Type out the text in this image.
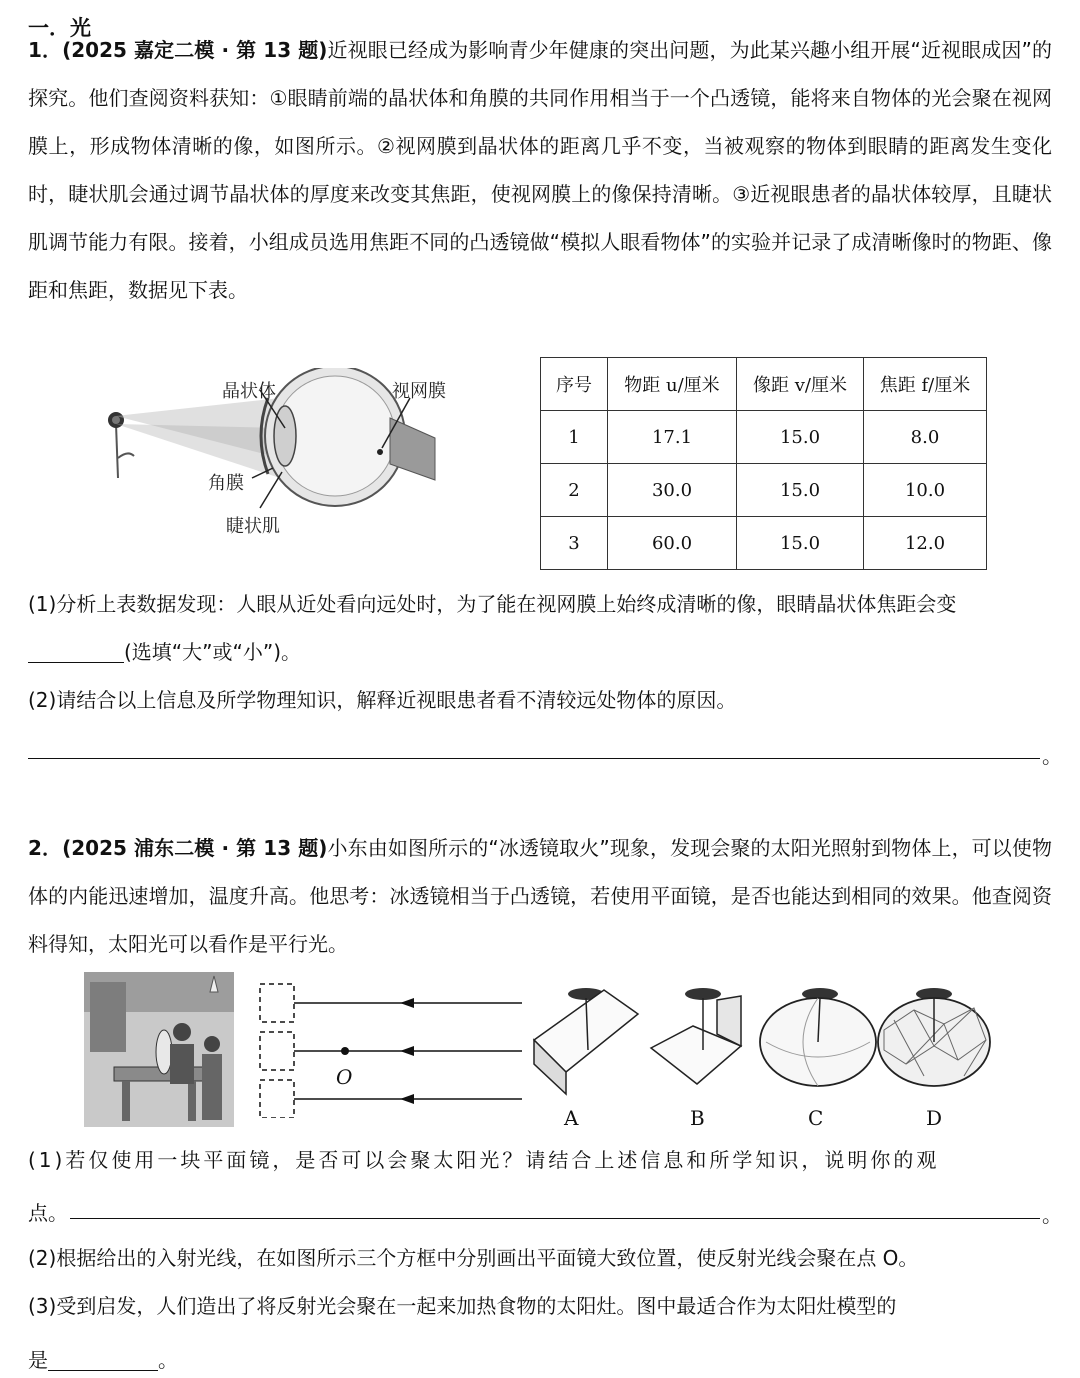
一．光
1．(2025 嘉定二模 · 第 13 题)近视眼已经成为影响青少年健康的突出问题，为此某兴趣小组开展“近视眼成因”的探究。他们查阅资料获知：①眼睛前端的晶状体和角膜的共同作用相当于一个凸透镜，能将来自物体的光会聚在视网膜上，形成物体清晰的像，如图所示。②视网膜到晶状体的距离几乎不变，当被观察的物体到眼睛的距离发生变化时，睫状肌会通过调节晶状体的厚度来改变其焦距，使视网膜上的像保持清晰。③近视眼患者的晶状体较厚，且睫状肌调节能力有限。接着，小组成员选用焦距不同的凸透镜做“模拟人眼看物体”的实验并记录了成清晰像时的物距、像距和焦距，数据见下表。
晶状体	视网膜
角膜
睫状肌
序号	物距 u/厘米	像距 v/厘米	焦距 f/厘米
1	17.1	15.0	8.0
2	30.0	15.0	10.0
3	60.0	15.0	12.0
(1)分析上表数据发现：人眼从近处看向远处时，为了能在视网膜上始终成清晰的像，眼睛晶状体焦距会变
(选填“大”或“小”)。
(2)请结合以上信息及所学物理知识，解释近视眼患者看不清较远处物体的原因。
。
2．(2025 浦东二模 · 第 13 题)小东由如图所示的“冰透镜取火”现象，发现会聚的太阳光照射到物体上，可以使物体的内能迅速增加，温度升高。他思考：冰透镜相当于凸透镜，若使用平面镜，是否也能达到相同的效果。他查阅资料得知，太阳光可以看作是平行光。
O
A	B	C	D
(1)若仅使用一块平面镜，是否可以会聚太阳光？请结合上述信息和所学知识，说明你的观
点。	。
(2)根据给出的入射光线，在如图所示三个方框中分别画出平面镜大致位置，使反射光线会聚在点 O。
(3)受到启发，人们造出了将反射光会聚在一起来加热食物的太阳灶。图中最适合作为太阳灶模型的
是	。
